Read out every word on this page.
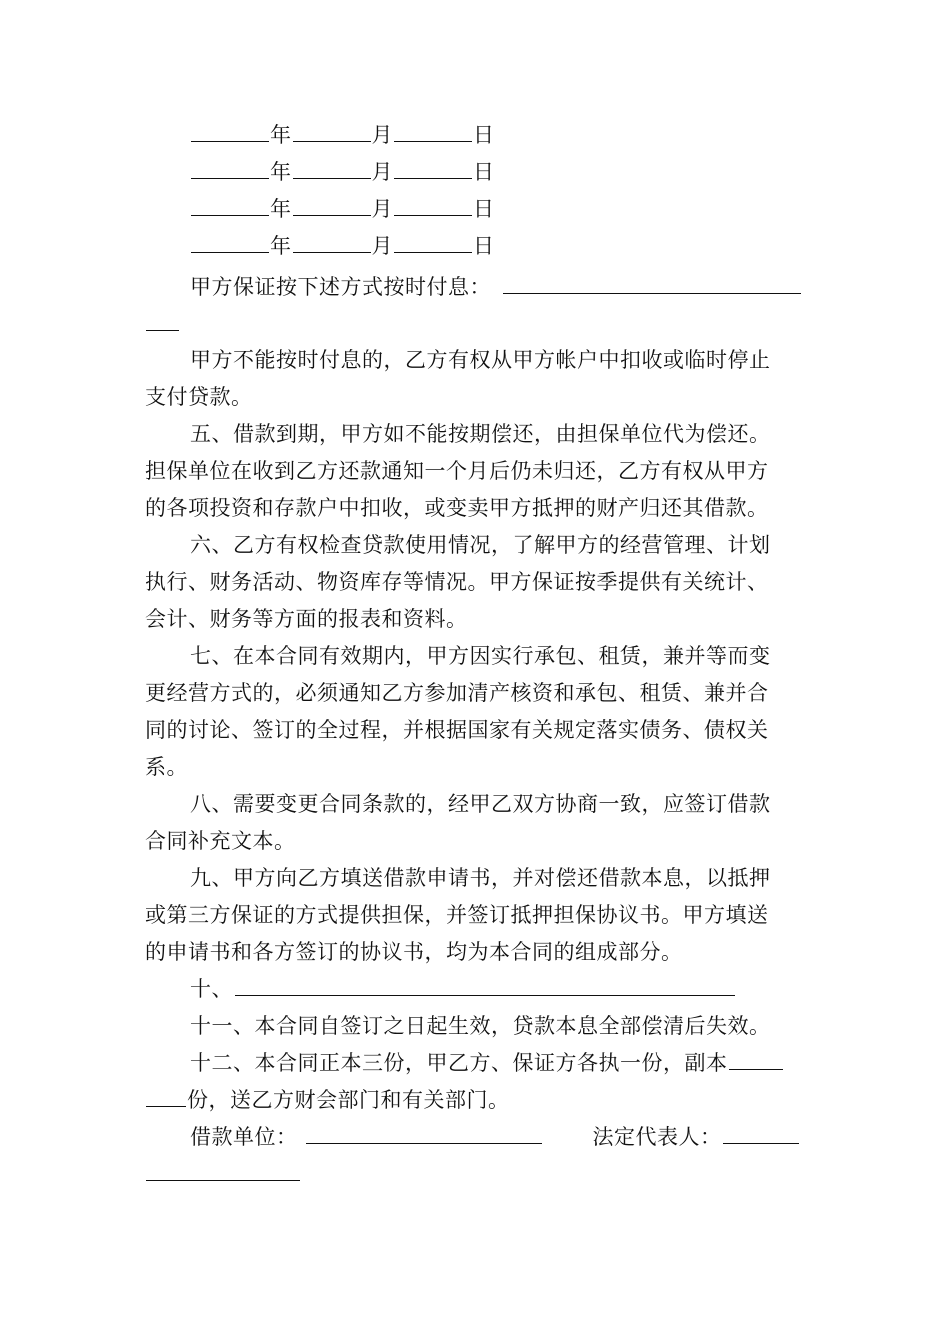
年	月	日
年	月	日
年	月	日
年	月	日
甲方保证按下述方式按时付息：
甲方不能按时付息的，乙方有权从甲方帐户中扣收或临时停止
支付贷款。
五、借款到期，甲方如不能按期偿还，由担保单位代为偿还。
担保单位在收到乙方还款通知一个月后仍未归还，乙方有权从甲方
的各项投资和存款户中扣收，或变卖甲方抵押的财产归还其借款。
六、乙方有权检查贷款使用情况，了解甲方的经营管理、计划
执行、财务活动、物资库存等情况。甲方保证按季提供有关统计、
会计、财务等方面的报表和资料。
七、在本合同有效期内，甲方因实行承包、租赁，兼并等而变
更经营方式的，必须通知乙方参加清产核资和承包、租赁、兼并合
同的讨论、签订的全过程，并根据国家有关规定落实债务、债权关
系。
八、需要变更合同条款的，经甲乙双方协商一致，应签订借款
合同补充文本。
九、甲方向乙方填送借款申请书，并对偿还借款本息，以抵押
或第三方保证的方式提供担保，并签订抵押担保协议书。甲方填送
的申请书和各方签订的协议书，均为本合同的组成部分。
十、
十一、本合同自签订之日起生效，贷款本息全部偿清后失效。
十二、本合同正本三份，甲乙方、保证方各执一份，副本
份，送乙方财会部门和有关部门。
借款单位：	法定代表人：
